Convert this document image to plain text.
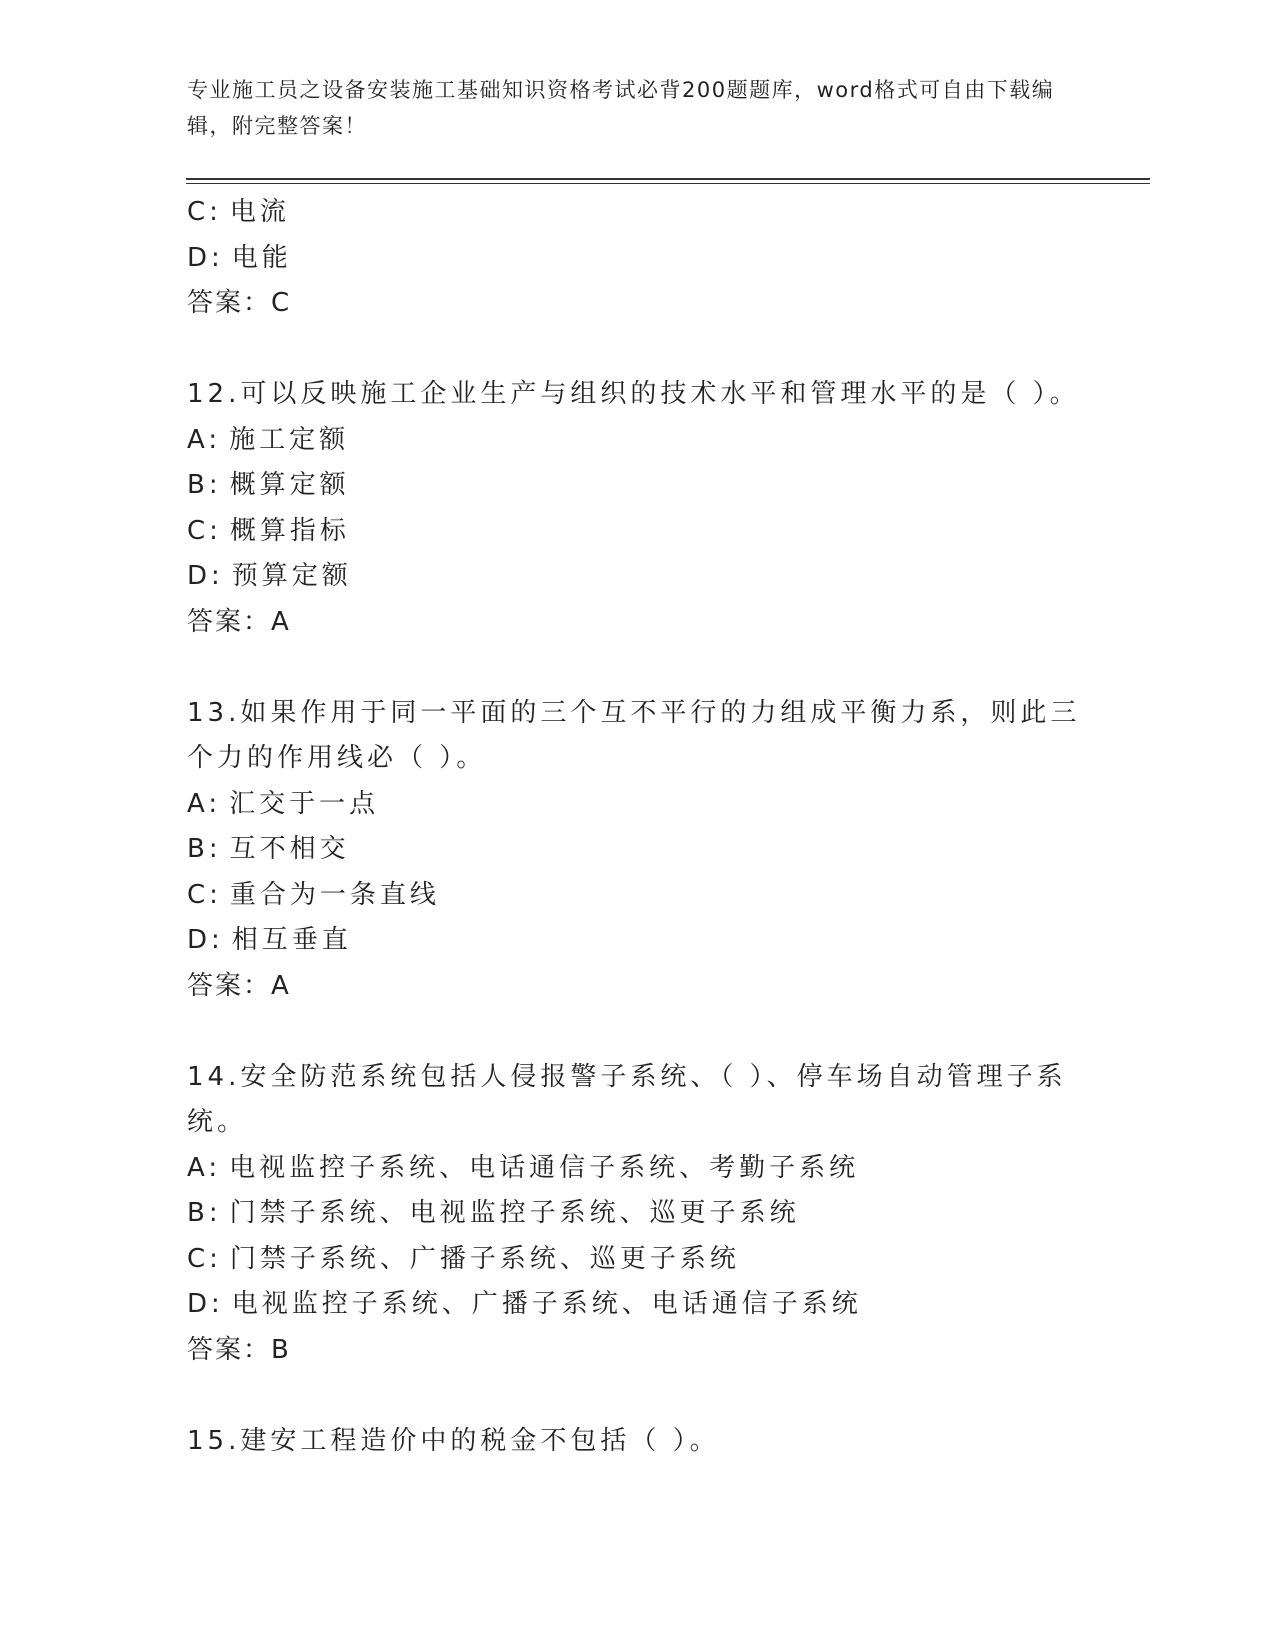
专业施工员之设备安装施工基础知识资格考试必背200题题库，word格式可自由下载编辑，附完整答案！
C: 电流
D: 电能
答案：C
12.可以反映施工企业生产与组织的技术水平和管理水平的是（ ）。
A: 施工定额
B: 概算定额
C: 概算指标
D: 预算定额
答案：A
13.如果作用于同一平面的三个互不平行的力组成平衡力系，则此三个力的作用线必（ ）。
A: 汇交于一点
B: 互不相交
C: 重合为一条直线
D: 相互垂直
答案：A
14.安全防范系统包括人侵报警子系统、（ ）、停车场自动管理子系统。
A: 电视监控子系统、电话通信子系统、考勤子系统
B: 门禁子系统、电视监控子系统、巡更子系统
C: 门禁子系统、广播子系统、巡更子系统
D: 电视监控子系统、广播子系统、电话通信子系统
答案：B
15.建安工程造价中的税金不包括（ ）。
